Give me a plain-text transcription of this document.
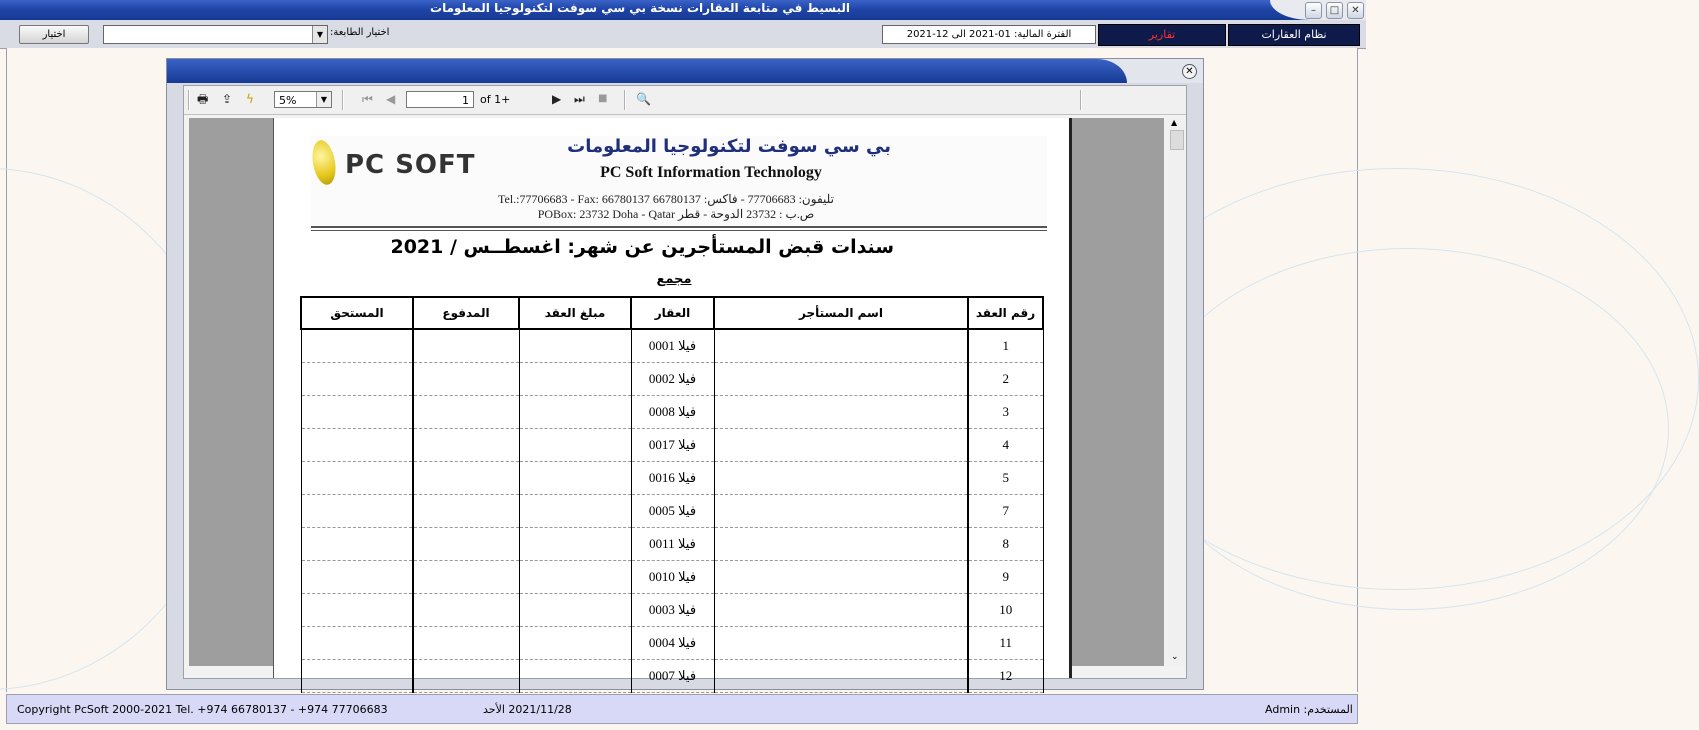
البسيط في متابعة العقارات نسخة بي سي سوفت لتكنولوجيا المعلومات	–	□	✕
نظام العقارات
تقارير
الفترة المالية: 01-2021 الى 12-2021
اختيار الطابعة:
▼
اختيار
✕
🖶 ⇪ ϟ	5%	▼	⏮ ◀	1	of 1+	▶ ⏭ ■ 🔍
PC SOFT
بي سي سوفت لتكنولوجيا المعلومات
PC Soft Information Technology
تليفون: 77706683 - فاكس: 66780137 Tel.:77706683 - Fax: 66780137
ص.ب : 23732 الدوحة - قطر POBox: 23732 Doha - Qatar
سندات قبض المستأجرين عن شهر: اغسطــس / 2021
مجمع
المستحق	المدفوع	مبلغ العقد	العقار	اسم المستأجر	رقم العقد
			فيلا 0001		1
			فيلا 0002		2
			فيلا 0008		3
			فيلا 0017		4
			فيلا 0016		5
			فيلا 0005		7
			فيلا 0011		8
			فيلا 0010		9
			فيلا 0003		10
			فيلا 0004		11
			فيلا 0007		12
▲
⌄
Copyright PcSoft 2000-2021 Tel. +974 66780137 - +974 77706683	2021/11/28 الأحد	المستخدم: Admin
